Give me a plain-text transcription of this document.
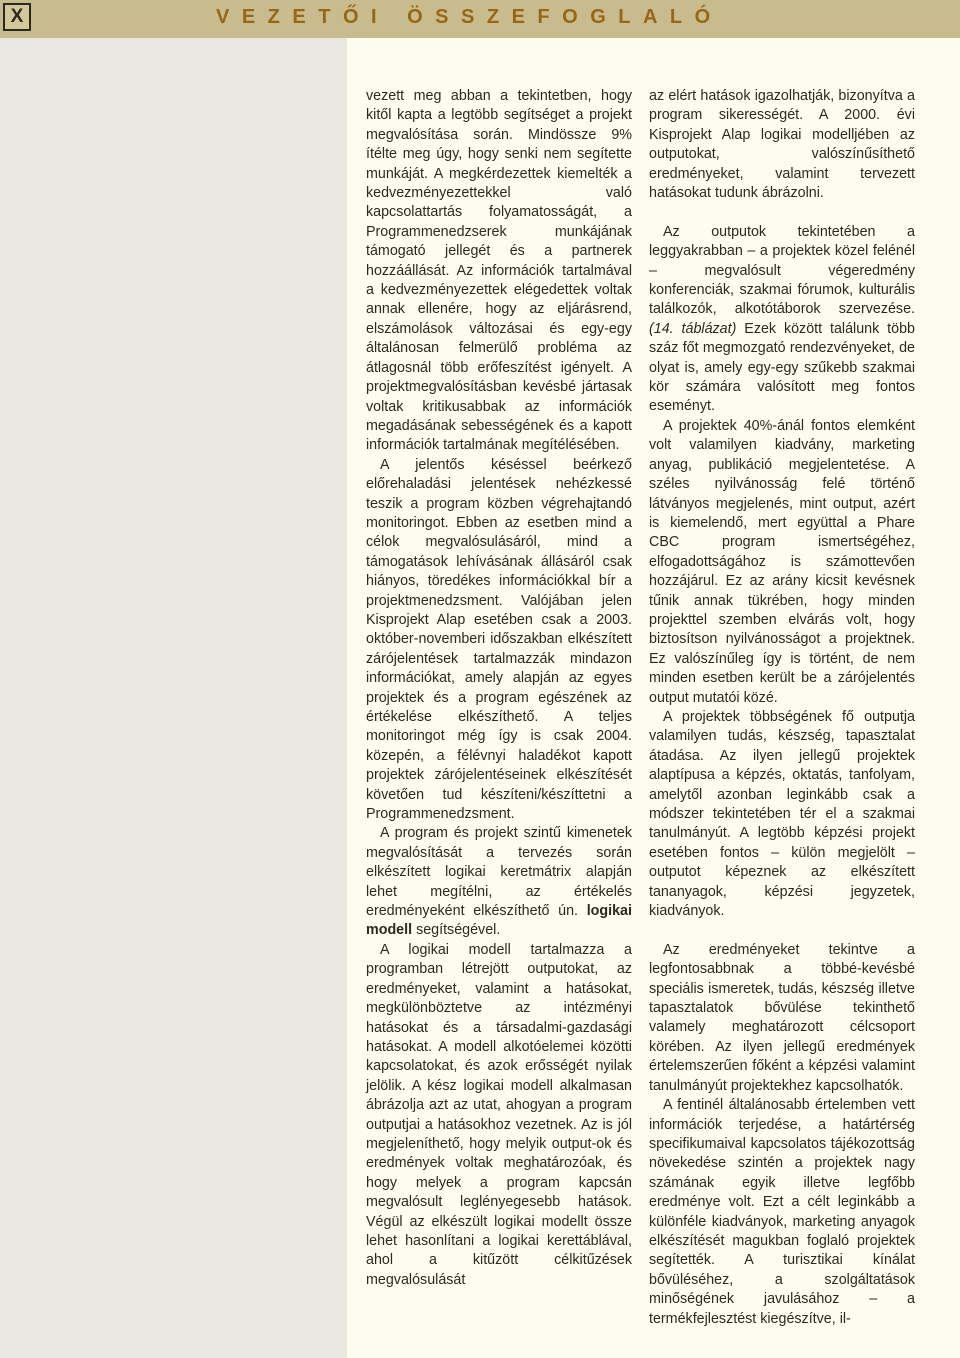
X	VEZETŐI ÖSSZEFOGLALÓ

vezett meg abban a tekintetben, hogy kitől kapta a legtöbb segítséget a projekt megvalósítása során. Mindössze 9% ítélte meg úgy, hogy senki nem segítette munkáját. A megkérdezettek kiemelték a kedvezményezettekkel való kapcsolattartás folyamatosságát, a Programmenedzserek munkájának támogató jellegét és a partnerek hozzáállását. Az információk tartalmával a kedvezményezettek elégedettek voltak annak ellenére, hogy az eljárásrend, elszámolások változásai és egy-egy általánosan felmerülő probléma az átlagosnál több erőfeszítést igényelt. A projektmegvalósításban kevésbé jártasak voltak kritikusabbak az információk megadásának sebességének és a kapott információk tartalmának megítélésében.

A jelentős késéssel beérkező előrehaladási jelentések nehézkessé teszik a program közben végrehajtandó monitoringot. Ebben az esetben mind a célok megvalósulásáról, mind a támogatások lehívásának állásáról csak hiányos, töredékes információkkal bír a projektmenedzsment. Valójában jelen Kisprojekt Alap esetében csak a 2003. október-novemberi időszakban elkészített zárójelentések tartalmazzák mindazon információkat, amely alapján az egyes projektek és a program egészének az értékelése elkészíthető. A teljes monitoringot még így is csak 2004. közepén, a félévnyi haladékot kapott projektek zárójelentéseinek elkészítését követően tud készíteni/készíttetni a Programmenedzsment.

A program és projekt szintű kimenetek megvalósítását a tervezés során elkészített logikai keretmátrix alapján lehet megítélni, az értékelés eredményeként elkészíthető ún. logikai modell segítségével.

A logikai modell tartalmazza a programban létrejött outputokat, az eredményeket, valamint a hatásokat, megkülönböztetve az intézményi hatásokat és a társadalmi-gazdasági hatásokat. A modell alkotóelemei közötti kapcsolatokat, és azok erősségét nyilak jelölik. A kész logikai modell alkalmasan ábrázolja azt az utat, ahogyan a program outputjai a hatásokhoz vezetnek. Az is jól megjeleníthető, hogy melyik output-ok és eredmények voltak meghatározóak, és hogy melyek a program kapcsán megvalósult leglényegesebb hatások. Végül az elkészült logikai modellt össze lehet hasonlítani a logikai kerettáblával, ahol a kitűzött célkitűzések megvalósulását

az elért hatások igazolhatják, bizonyítva a program sikerességét. A 2000. évi Kisprojekt Alap logikai modelljében az outputokat, valószínűsíthető eredményeket, valamint tervezett hatásokat tudunk ábrázolni.

Az outputok tekintetében a leggyakrabban – a projektek közel felénél – megvalósult végeredmény konferenciák, szakmai fórumok, kulturális találkozók, alkotótáborok szervezése. (14. táblázat) Ezek között találunk több száz főt megmozgató rendezvényeket, de olyat is, amely egy-egy szűkebb szakmai kör számára valósított meg fontos eseményt.

A projektek 40%-ánál fontos elemként volt valamilyen kiadvány, marketing anyag, publikáció megjelentetése. A széles nyilvánosság felé történő látványos megjelenés, mint output, azért is kiemelendő, mert együttal a Phare CBC program ismertségéhez, elfogadottságához is számottevően hozzájárul. Ez az arány kicsit kevésnek tűnik annak tükrében, hogy minden projekttel szemben elvárás volt, hogy biztosítson nyilvánosságot a projektnek. Ez valószínűleg így is történt, de nem minden esetben került be a zárójelentés output mutatói közé.

A projektek többségének fő outputja valamilyen tudás, készség, tapasztalat átadása. Az ilyen jellegű projektek alaptípusa a képzés, oktatás, tanfolyam, amelytől azonban leginkább csak a módszer tekintetében tér el a szakmai tanulmányút. A legtöbb képzési projekt esetében fontos – külön megjelölt – outputot képeznek az elkészített tananyagok, képzési jegyzetek, kiadványok.

Az eredményeket tekintve a legfontosabbnak a többé-kevésbé speciális ismeretek, tudás, készség illetve tapasztalatok bővülése tekinthető valamely meghatározott célcsoport körében. Az ilyen jellegű eredmények értelemszerűen főként a képzési valamint tanulmányút projektekhez kapcsolhatók.

A fentinél általánosabb értelemben vett információk terjedése, a határtérség specifikumaival kapcsolatos tájékozottság növekedése szintén a projektek nagy számának egyik illetve legfőbb eredménye volt. Ezt a célt leginkább a különféle kiadványok, marketing anyagok elkészítését magukban foglaló projektek segítették. A turisztikai kínálat bővüléséhez, a szolgáltatások minőségének javulásához – a termékfejlesztést kiegészítve, il-
